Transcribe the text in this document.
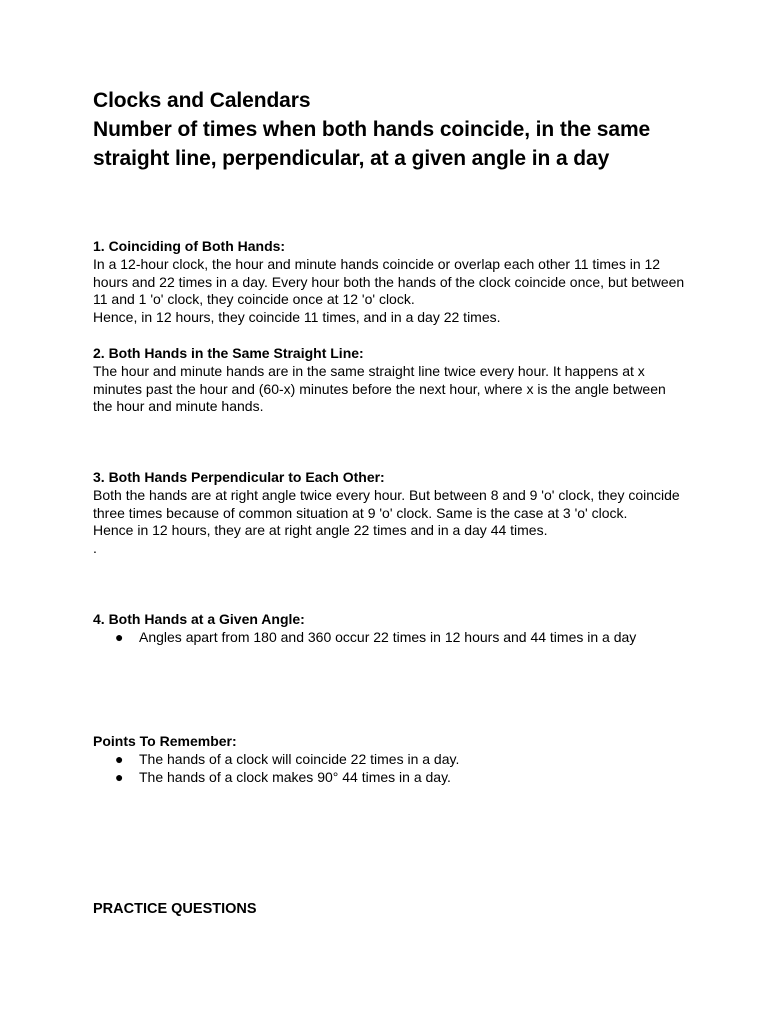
Clocks and Calendars

Number of times when both hands coincide, in the same straight line, perpendicular, at a given angle in a day

1. Coinciding of Both Hands:

In a 12-hour clock, the hour and minute hands coincide or overlap each other 11 times in 12 hours and 22 times in a day. Every hour both the hands of the clock coincide once, but between 11 and 1 'o' clock, they coincide once at 12 'o' clock.

Hence, in 12 hours, they coincide 11 times, and in a day 22 times.

2. Both Hands in the Same Straight Line:

The hour and minute hands are in the same straight line twice every hour. It happens at x minutes past the hour and (60-x) minutes before the next hour, where x is the angle between the hour and minute hands.

3. Both Hands Perpendicular to Each Other:

Both the hands are at right angle twice every hour. But between 8 and 9 'o' clock, they coincide three times because of common situation at 9 'o' clock. Same is the case at 3 'o' clock.

Hence in 12 hours, they are at right angle 22 times and in a day 44 times.

.

4. Both Hands at a Given Angle:

● Angles apart from 180 and 360 occur 22 times in 12 hours and 44 times in a day

Points To Remember:

● The hands of a clock will coincide 22 times in a day.
● The hands of a clock makes 90° 44 times in a day.

PRACTICE QUESTIONS
